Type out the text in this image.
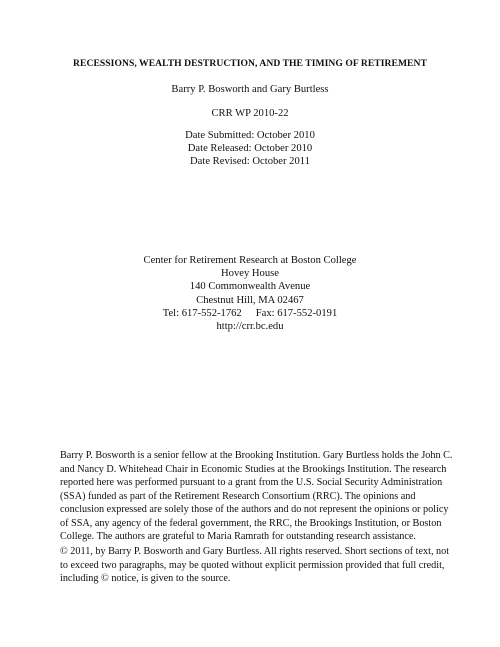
RECESSIONS, WEALTH DESTRUCTION, AND THE TIMING OF RETIREMENT
Barry P. Bosworth and Gary Burtless
CRR WP 2010-22
Date Submitted: October 2010
Date Released: October 2010
Date Revised: October 2011
Center for Retirement Research at Boston College
Hovey House
140 Commonwealth Avenue
Chestnut Hill, MA 02467
Tel: 617-552-1762 Fax: 617-552-0191
http://crr.bc.edu
Barry P. Bosworth is a senior fellow at the Brooking Institution. Gary Burtless holds the John C.
and Nancy D. Whitehead Chair in Economic Studies at the Brookings Institution. The research
reported here was performed pursuant to a grant from the U.S. Social Security Administration
(SSA) funded as part of the Retirement Research Consortium (RRC). The opinions and
conclusion expressed are solely those of the authors and do not represent the opinions or policy
of SSA, any agency of the federal government, the RRC, the Brookings Institution, or Boston
College. The authors are grateful to Maria Ramrath for outstanding research assistance.
© 2011, by Barry P. Bosworth and Gary Burtless. All rights reserved. Short sections of text, not
to exceed two paragraphs, may be quoted without explicit permission provided that full credit,
including © notice, is given to the source.
